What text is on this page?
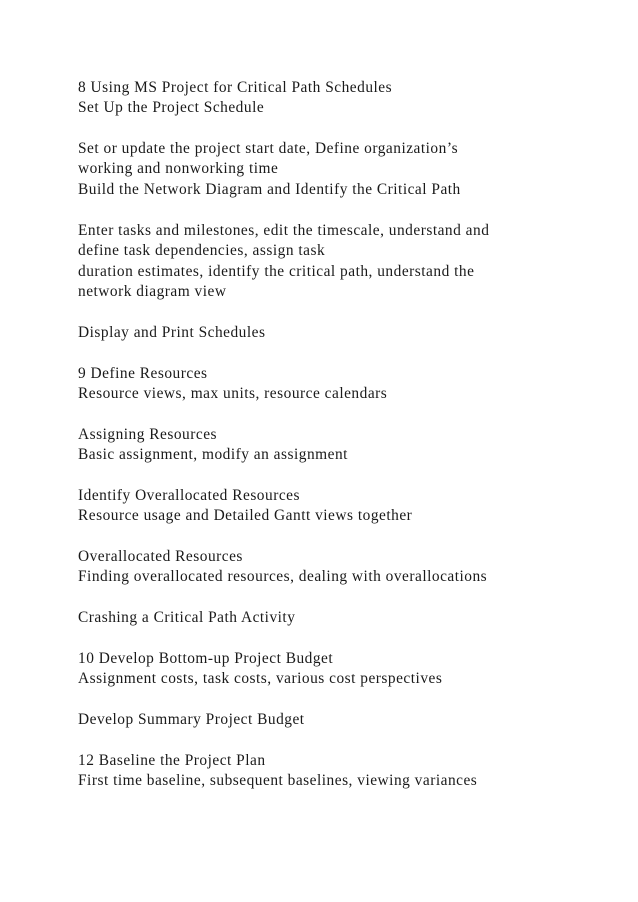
8 Using MS Project for Critical Path Schedules
Set Up the Project Schedule
Set or update the project start date, Define organization’s
working and nonworking time
Build the Network Diagram and Identify the Critical Path
Enter tasks and milestones, edit the timescale, understand and
define task dependencies, assign task
duration estimates, identify the critical path, understand the
network diagram view
Display and Print Schedules
9 Define Resources
Resource views, max units, resource calendars
Assigning Resources
Basic assignment, modify an assignment
Identify Overallocated Resources
Resource usage and Detailed Gantt views together
Overallocated Resources
Finding overallocated resources, dealing with overallocations
Crashing a Critical Path Activity
10 Develop Bottom-up Project Budget
Assignment costs, task costs, various cost perspectives
Develop Summary Project Budget
12 Baseline the Project Plan
First time baseline, subsequent baselines, viewing variances
